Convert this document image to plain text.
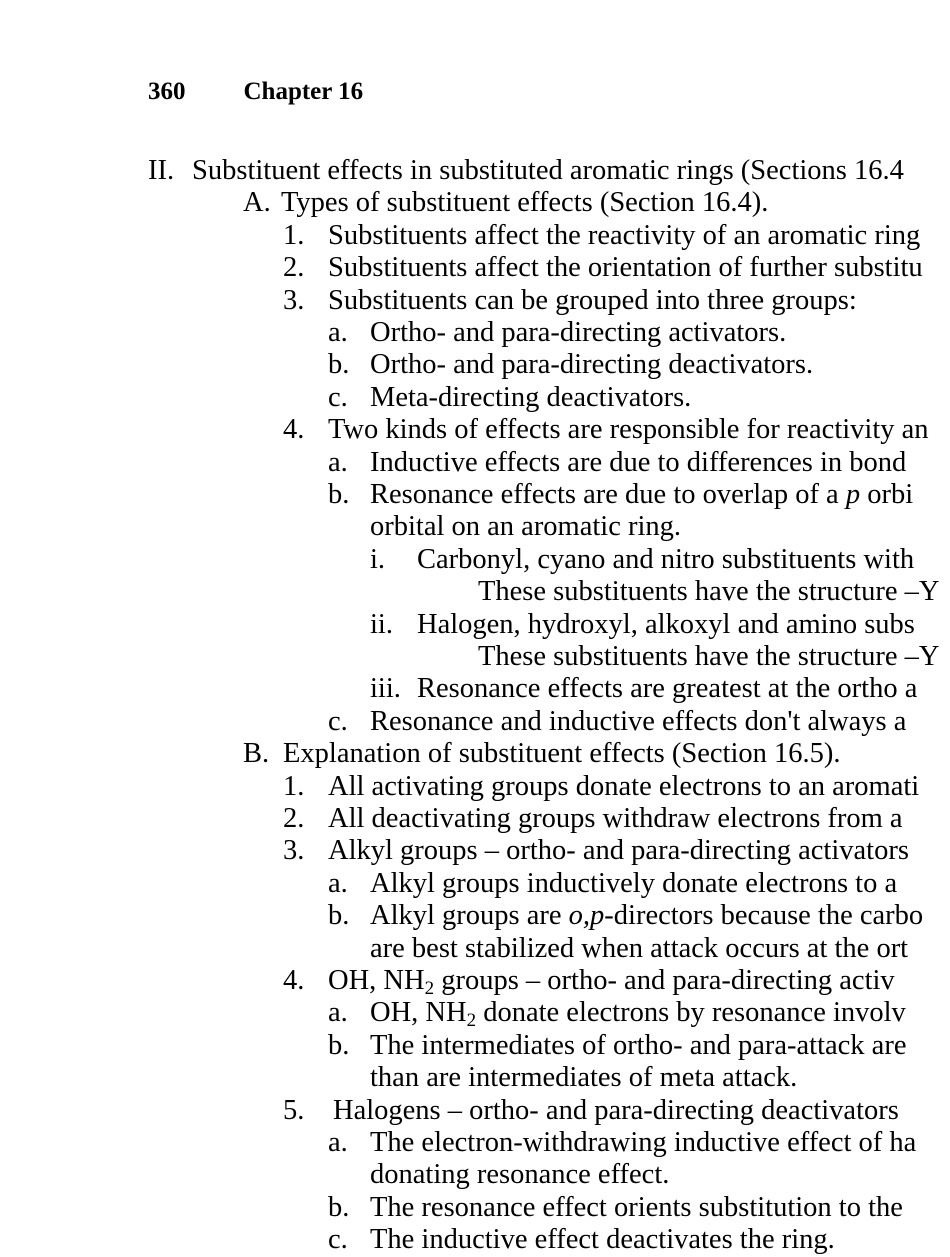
360 Chapter 16
II. Substituent effects in substituted aromatic rings (Sections 16.4
A. Types of substituent effects (Section 16.4).
1. Substituents affect the reactivity of an aromatic ring
2. Substituents affect the orientation of further substitu
3. Substituents can be grouped into three groups:
a. Ortho- and para-directing activators.
b. Ortho- and para-directing deactivators.
c. Meta-directing deactivators.
4. Two kinds of effects are responsible for reactivity an
a. Inductive effects are due to differences in bond
b. Resonance effects are due to overlap of a p orbi
orbital on an aromatic ring.
i. Carbonyl, cyano and nitro substituents with
These substituents have the structure –Y
ii. Halogen, hydroxyl, alkoxyl and amino subs
These substituents have the structure –Y
iii. Resonance effects are greatest at the ortho a
c. Resonance and inductive effects don't always a
B. Explanation of substituent effects (Section 16.5).
1. All activating groups donate electrons to an aromati
2. All deactivating groups withdraw electrons from a
3. Alkyl groups – ortho- and para-directing activators
a. Alkyl groups inductively donate electrons to a
b. Alkyl groups are o,p-directors because the carbo
are best stabilized when attack occurs at the ort
4. OH, $NH_2$ groups – ortho- and para-directing activ
a. OH, $NH_2$ donate electrons by resonance involv
b. The intermediates of ortho- and para-attack are
than are intermediates of meta attack.
5. Halogens – ortho- and para-directing deactivators
a. The electron-withdrawing inductive effect of ha
donating resonance effect.
b. The resonance effect orients substitution to the
c. The inductive effect deactivates the ring.
